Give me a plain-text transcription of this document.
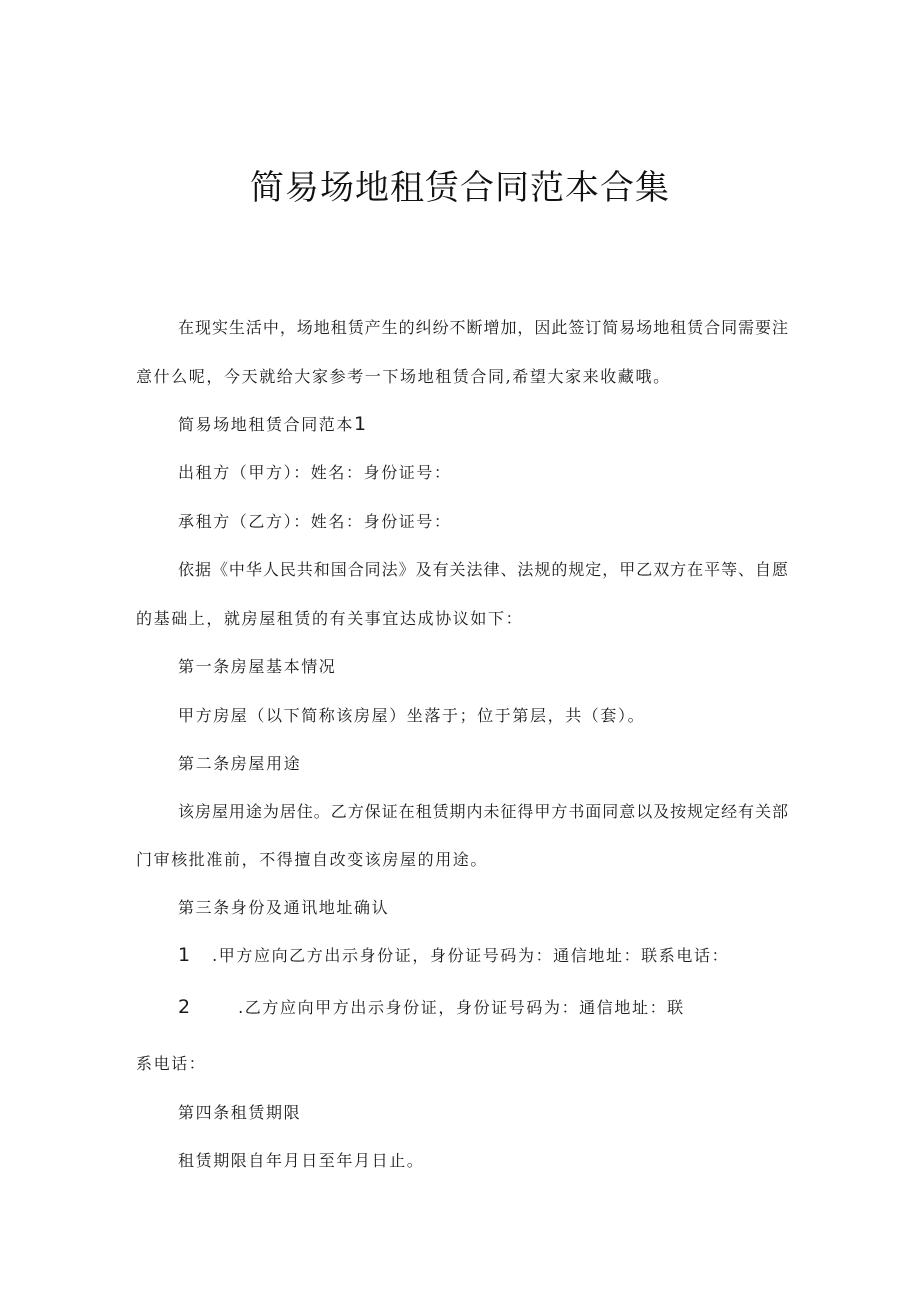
简易场地租赁合同范本合集
在现实生活中，场地租赁产生的纠纷不断增加，因此签订简易场地租赁合同需要注
意什么呢，今天就给大家参考一下场地租赁合同,希望大家来收藏哦。
简易场地租赁合同范本1
出租方（甲方）：姓名：身份证号：
承租方（乙方）：姓名：身份证号：
依据《中华人民共和国合同法》及有关法律、法规的规定，甲乙双方在平等、自愿
的基础上，就房屋租赁的有关事宜达成协议如下：
第一条房屋基本情况
甲方房屋（以下简称该房屋）坐落于；位于第层，共（套）。
第二条房屋用途
该房屋用途为居住。乙方保证在租赁期内未征得甲方书面同意以及按规定经有关部
门审核批准前，不得擅自改变该房屋的用途。
第三条身份及通讯地址确认
1 .甲方应向乙方出示身份证，身份证号码为：通信地址：联系电话：
2	.乙方应向甲方出示身份证，身份证号码为：通信地址：联
系电话：
第四条租赁期限
租赁期限自年月日至年月日止。
